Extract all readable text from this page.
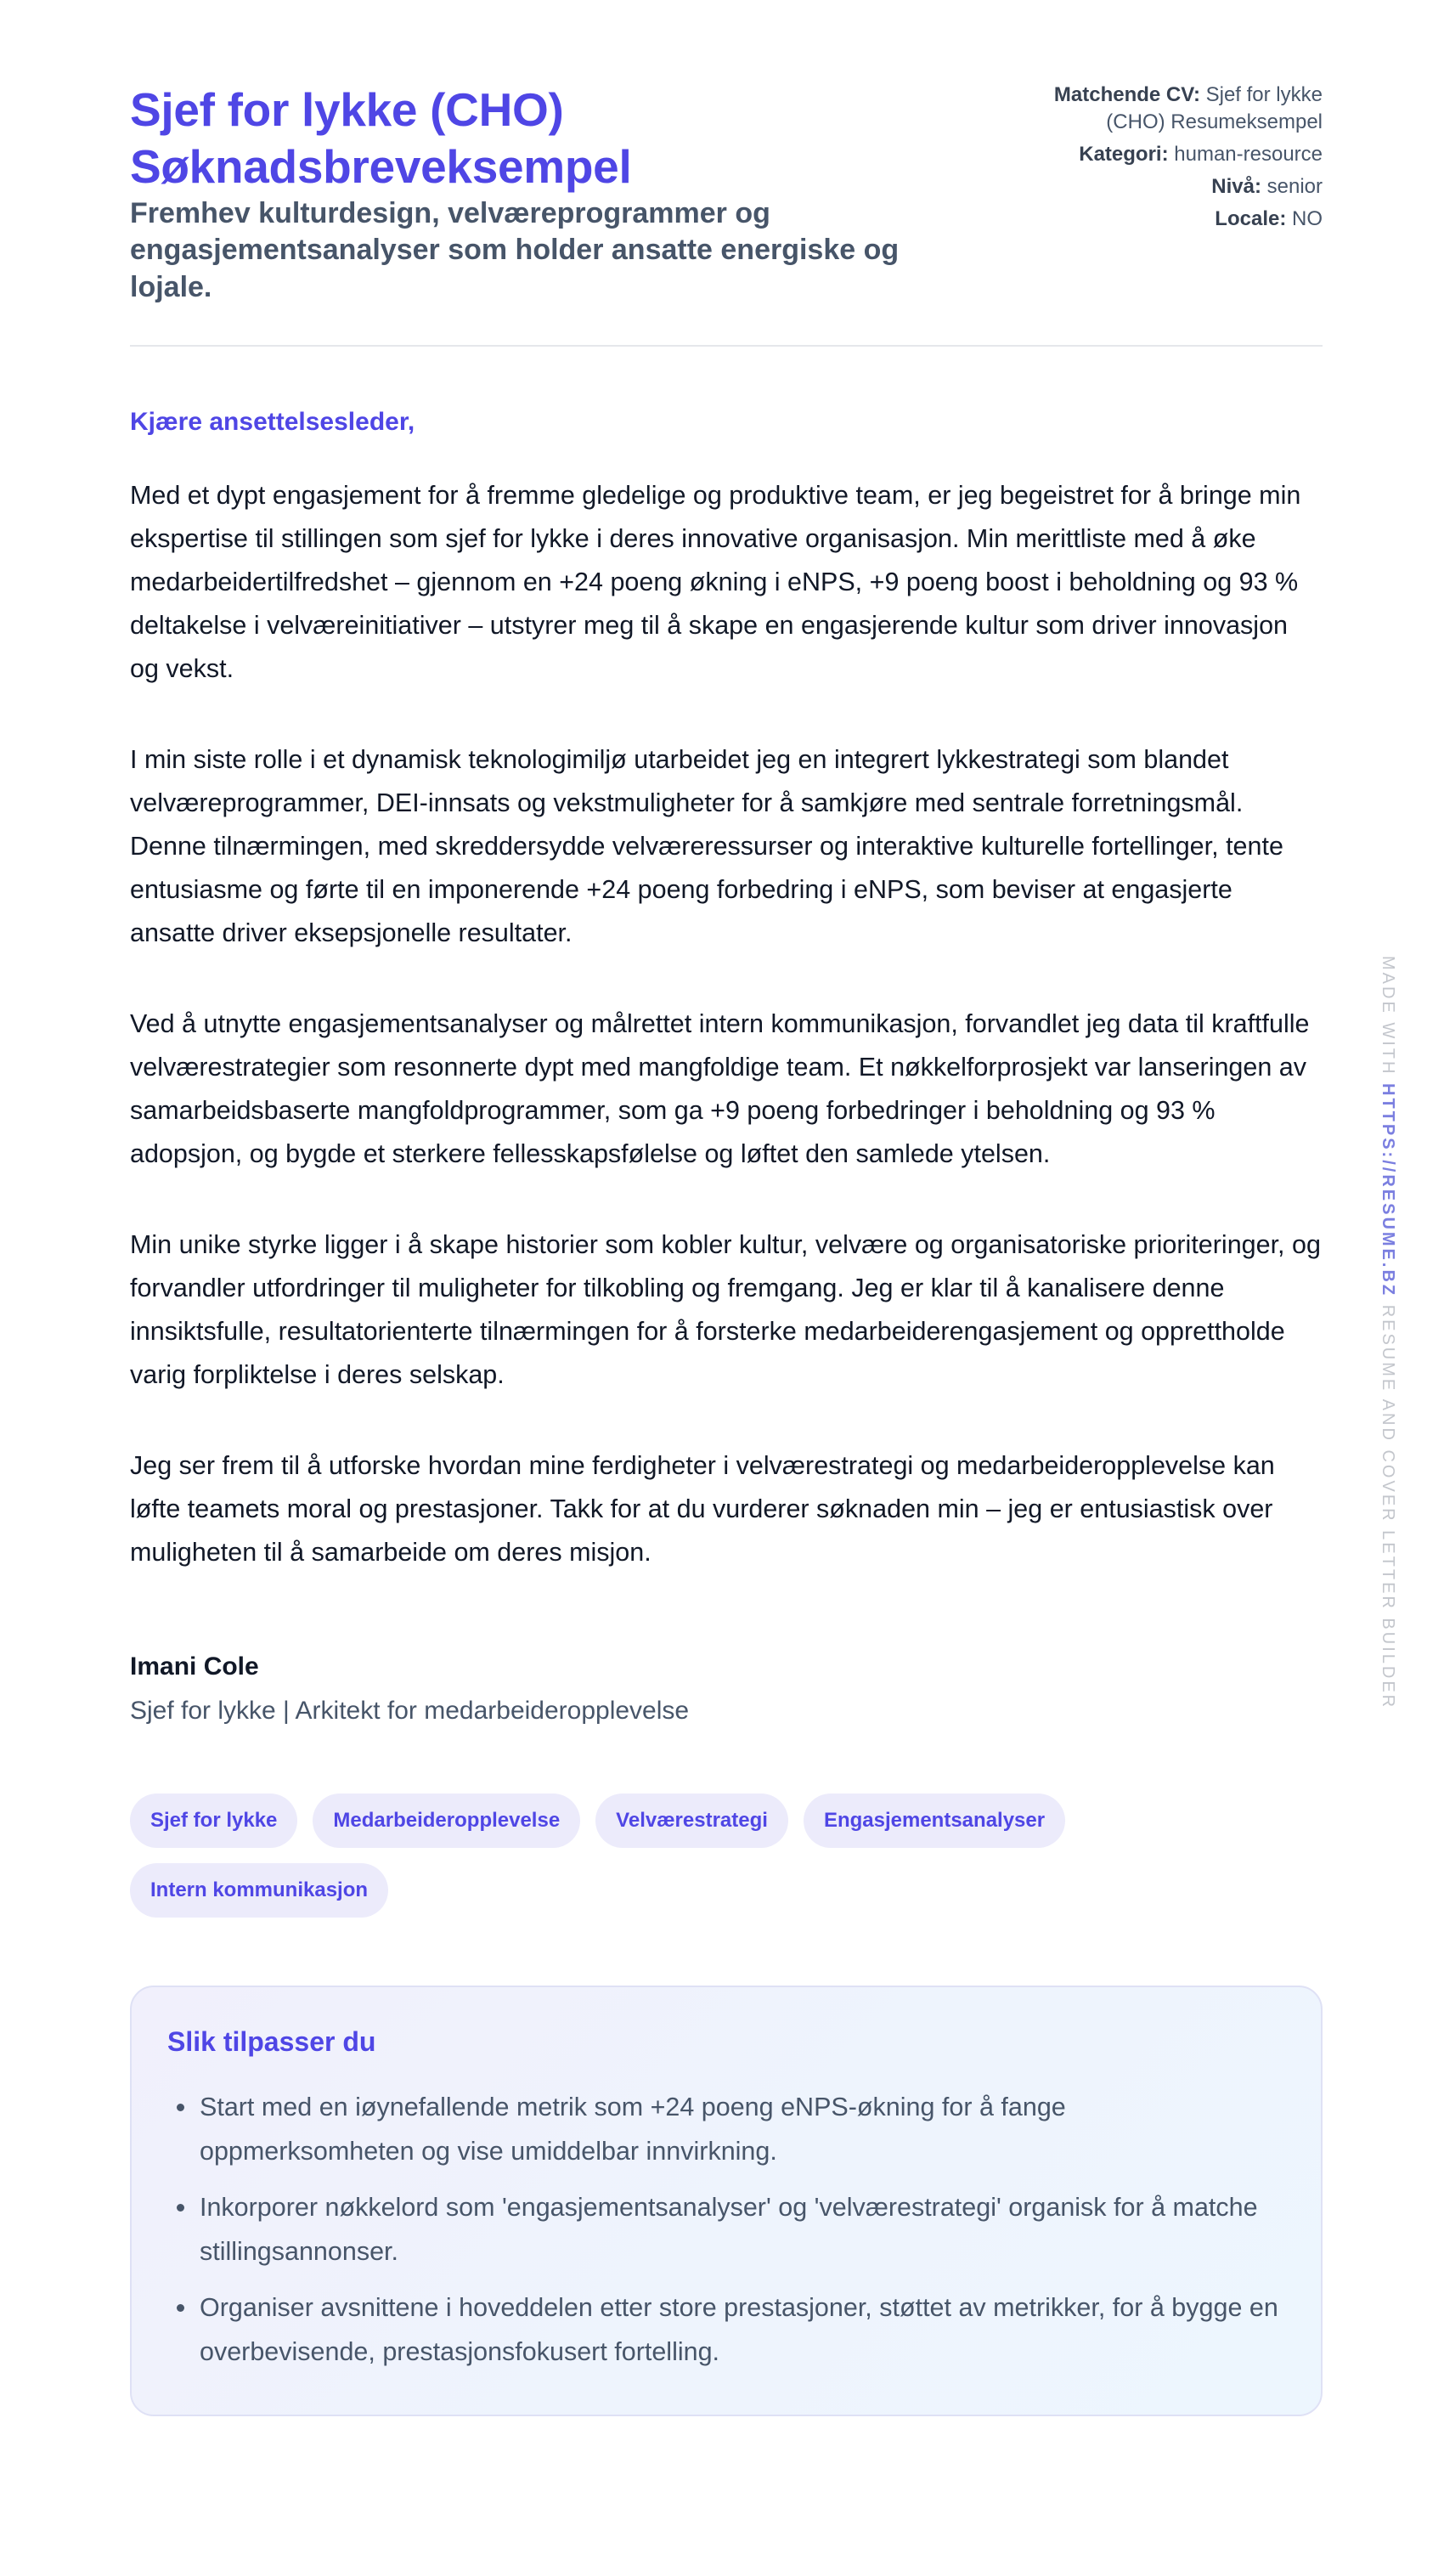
Sjef for lykke (CHO)
Søknadsbreveksempel

Fremhev kulturdesign, velværeprogrammer og engasjementsanalyser som holder ansatte energiske og lojale.

Matchende CV: Sjef for lykke (CHO) Resumeksempel
Kategori: human-resource
Nivå: senior
Locale: NO

Kjære ansettelsesleder,

Med et dypt engasjement for å fremme gledelige og produktive team, er jeg begeistret for å bringe min ekspertise til stillingen som sjef for lykke i deres innovative organisasjon. Min merittliste med å øke medarbeidertilfredshet – gjennom en +24 poeng økning i eNPS, +9 poeng boost i beholdning og 93 % deltakelse i velværeinitiativer – utstyrer meg til å skape en engasjerende kultur som driver innovasjon og vekst.

I min siste rolle i et dynamisk teknologimiljø utarbeidet jeg en integrert lykkestrategi som blandet velværeprogrammer, DEI-innsats og vekstmuligheter for å samkjøre med sentrale forretningsmål. Denne tilnærmingen, med skreddersydde velværeressurser og interaktive kulturelle fortellinger, tente entusiasme og førte til en imponerende +24 poeng forbedring i eNPS, som beviser at engasjerte ansatte driver eksepsjonelle resultater.

Ved å utnytte engasjementsanalyser og målrettet intern kommunikasjon, forvandlet jeg data til kraftfulle velværestrategier som resonnerte dypt med mangfoldige team. Et nøkkelforprosjekt var lanseringen av samarbeidsbaserte mangfoldprogrammer, som ga +9 poeng forbedringer i beholdning og 93 % adopsjon, og bygde et sterkere fellesskapsfølelse og løftet den samlede ytelsen.

Min unike styrke ligger i å skape historier som kobler kultur, velvære og organisatoriske prioriteringer, og forvandler utfordringer til muligheter for tilkobling og fremgang. Jeg er klar til å kanalisere denne innsiktsfulle, resultatorienterte tilnærmingen for å forsterke medarbeiderengasjement og opprettholde varig forpliktelse i deres selskap.

Jeg ser frem til å utforske hvordan mine ferdigheter i velværestrategi og medarbeideropplevelse kan løfte teamets moral og prestasjoner. Takk for at du vurderer søknaden min – jeg er entusiastisk over muligheten til å samarbeide om deres misjon.

Imani Cole
Sjef for lykke | Arkitekt for medarbeideropplevelse
Sjef for lykke	Medarbeideropplevelse	Velværestrategi	Engasjementsanalyser
Intern kommunikasjon
Slik tilpasser du
• Start med en iøynefallende metrik som +24 poeng eNPS-økning for å fange oppmerksomheten og vise umiddelbar innvirkning.
• Inkorporer nøkkelord som 'engasjementsanalyser' og 'velværestrategi' organisk for å matche stillingsannonser.
• Organiser avsnittene i hoveddelen etter store prestasjoner, støttet av metrikker, for å bygge en overbevisende, prestasjonsfokusert fortelling.
MADE WITH HTTPS://RESUME.BZ RESUME AND COVER LETTER BUILDER
